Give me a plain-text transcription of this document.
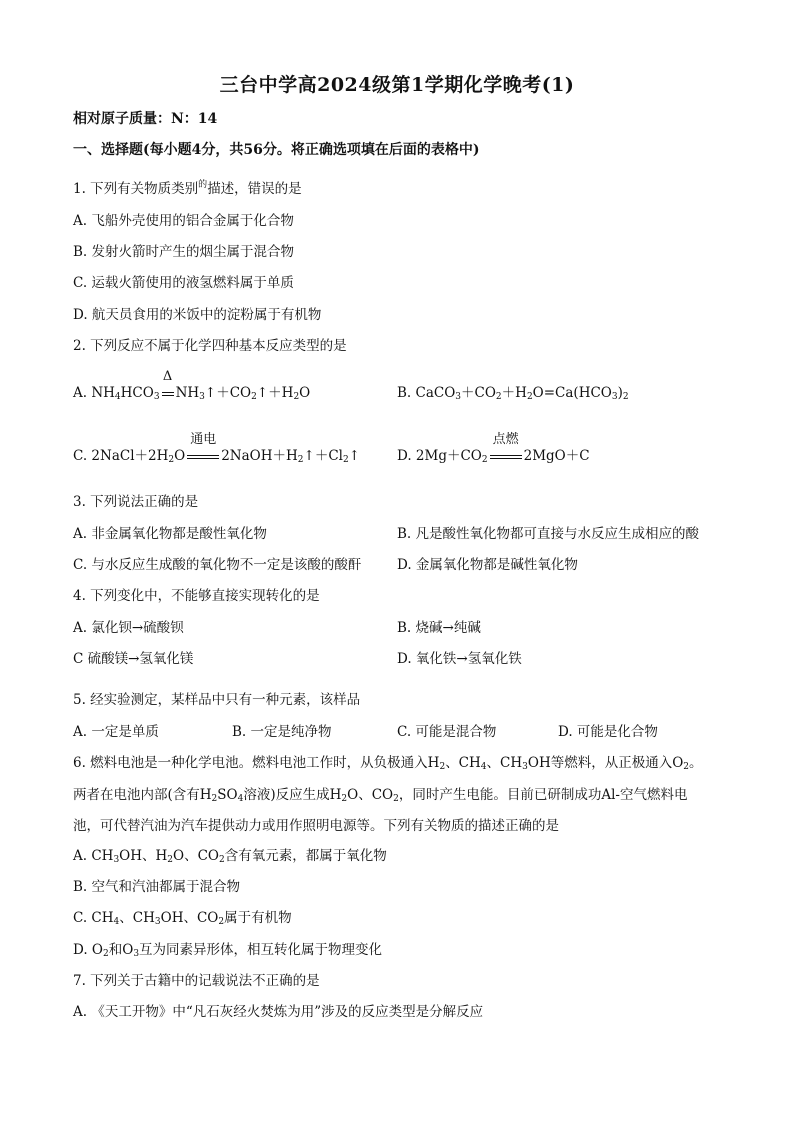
三台中学高2024级第1学期化学晚考(1)
相对原子质量：N：14
一、选择题(每小题4分，共56分。将正确选项填在后面的表格中)
1. 下列有关物质类别$^的$描述，错误的是
A. 飞船外壳使用的铝合金属于化合物
B. 发射火箭时产生的烟尘属于混合物
C. 运载火箭使用的液氢燃料属于单质
D. 航天员食用的米饭中的淀粉属于有机物
2. 下列反应不属于化学四种基本反应类型的是
A. $NH_4HCO_3$
Δ
$NH_3↑+CO_2↑+H_2O$	B. $CaCO_3+CO_2+H_2O=Ca(HCO_3)_2$
C. $2NaCl+2H_2O$
通电
$2NaOH+H_2↑+Cl_2↑$	D. $2Mg+CO_2$
点燃
2MgO＋C
3. 下列说法正确的是
A. 非金属氧化物都是酸性氧化物	B. 凡是酸性氧化物都可直接与水反应生成相应的酸
C. 与水反应生成酸的氧化物不一定是该酸的酸酐	D. 金属氧化物都是碱性氧化物
4. 下列变化中，不能够直接实现转化的是
A. 氯化钡→硫酸钡	B. 烧碱→纯碱
C 硫酸镁→氢氧化镁	D. 氧化铁→氢氧化铁
5. 经实验测定，某样品中只有一种元素，该样品
A. 一定是单质	B. 一定是纯净物	C. 可能是混合物	D. 可能是化合物
6. 燃料电池是一种化学电池。燃料电池工作时，从负极通入$H_2$、$CH_4$、$CH_3OH$等燃料，从正极通入$O_2$。
两者在电池内部(含有$H_2SO_4$溶液)反应生成$H_2O$、$CO_2$，同时产生电能。目前已研制成功Al-空气燃料电
池，可代替汽油为汽车提供动力或用作照明电源等。下列有关物质的描述正确的是
A. $CH_3OH$、$H_2O$、$CO_2$含有氧元素，都属于氧化物
B. 空气和汽油都属于混合物
C. $CH_4$、$CH_3OH$、$CO_2$属于有机物
D. $O_2$和$O_3$互为同素异形体，相互转化属于物理变化
7. 下列关于古籍中的记载说法不正确的是
A. 《天工开物》中“凡石灰经火焚炼为用”涉及的反应类型是分解反应
